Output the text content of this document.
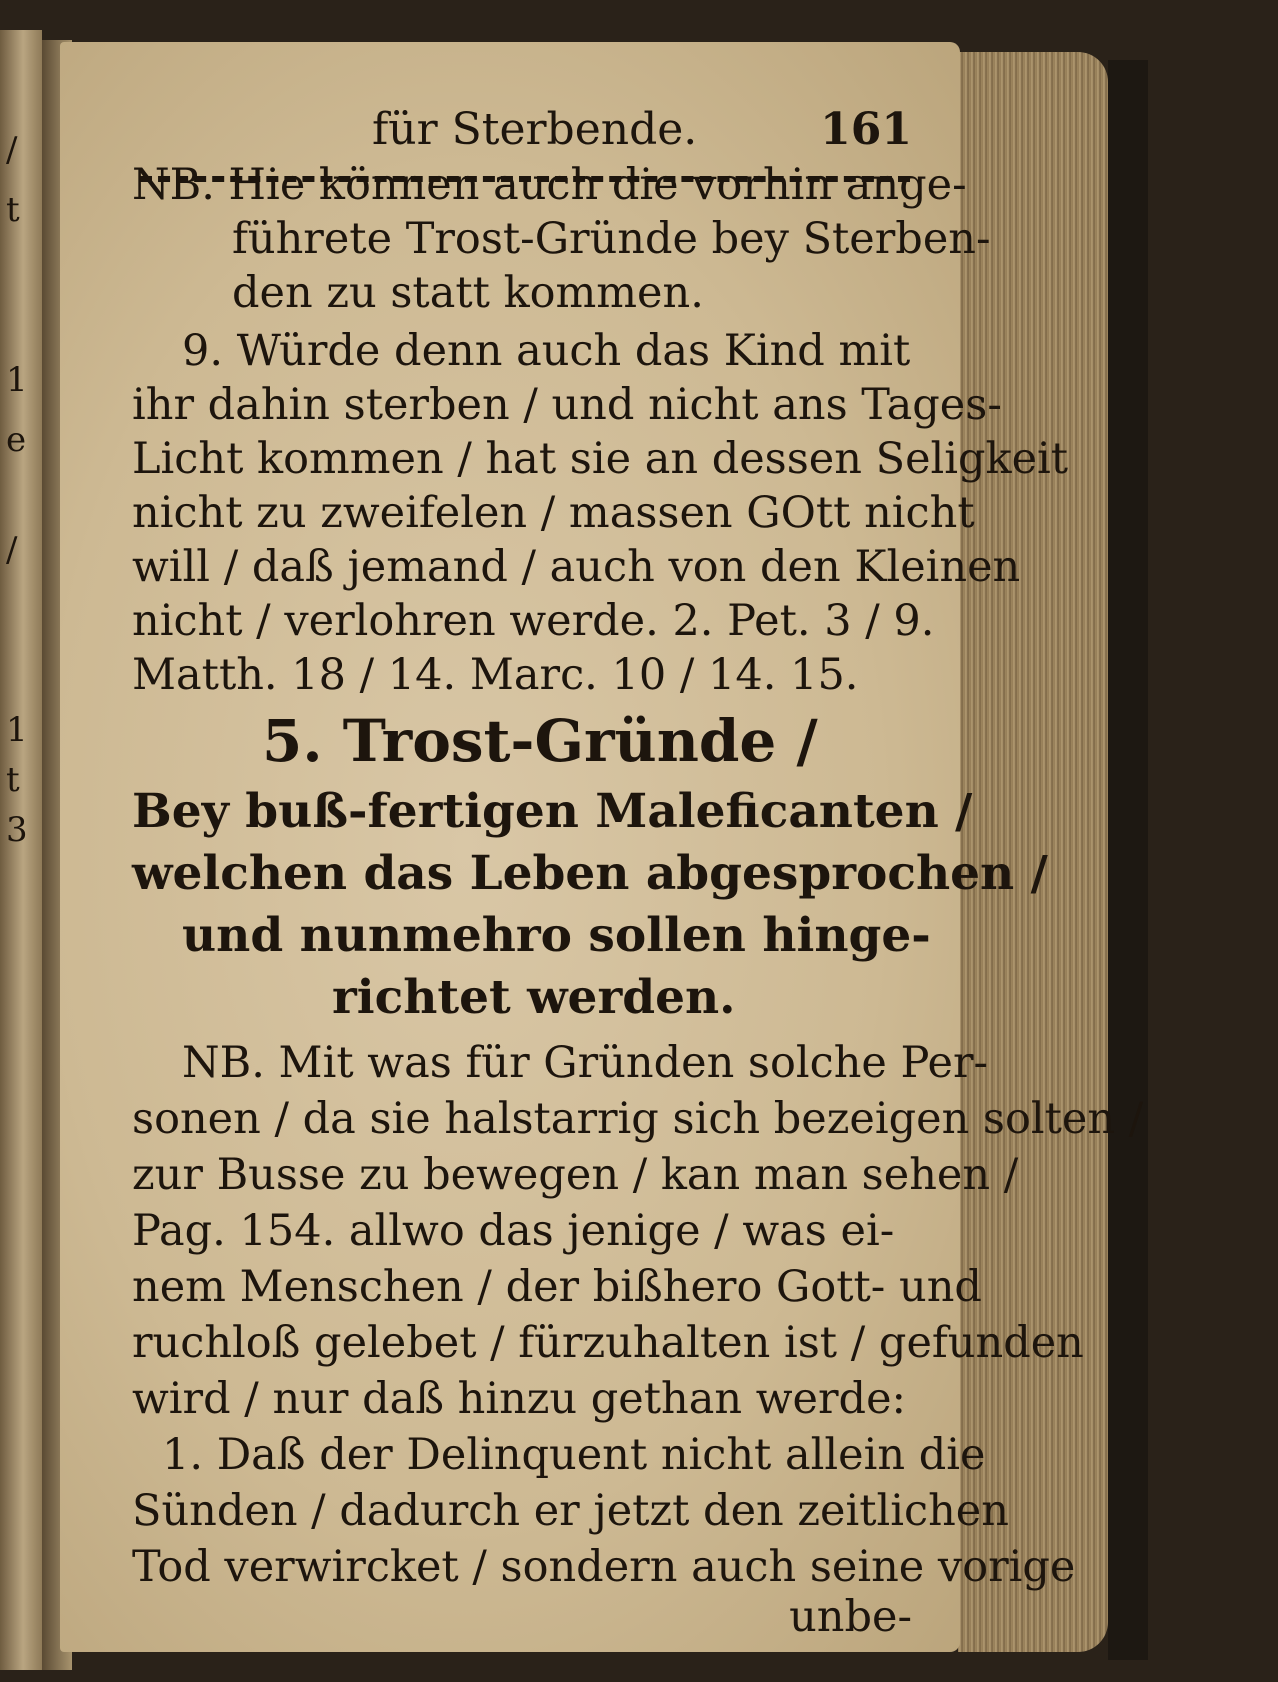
/
t
1
e
/
1
t
3
für Sterbende.	161
NB. Hie können auch die vorhin ange-
führete Trost-Gründe bey Sterben-
den zu statt kommen.
9. Würde denn auch das Kind mit
ihr dahin sterben / und nicht ans Tages-
Licht kommen / hat sie an dessen Seligkeit
nicht zu zweifelen / massen GOtt nicht
will / daß jemand / auch von den Kleinen
nicht / verlohren werde. 2. Pet. 3 / 9.
Matth. 18 / 14. Marc. 10 / 14. 15.
5. Trost-Gründe /
Bey buß-fertigen Maleficanten /
welchen das Leben abgesprochen /
und nunmehro sollen hinge-
richtet werden.
NB. Mit was für Gründen solche Per-
sonen / da sie halstarrig sich bezeigen solten /
zur Busse zu bewegen / kan man sehen /
Pag. 154. allwo das jenige / was ei-
nem Menschen / der bißhero Gott- und
ruchloß gelebet / fürzuhalten ist / gefunden
wird / nur daß hinzu gethan werde:
1. Daß der Delinquent nicht allein die
Sünden / dadurch er jetzt den zeitlichen
Tod verwircket / sondern auch seine vorige
unbe-
